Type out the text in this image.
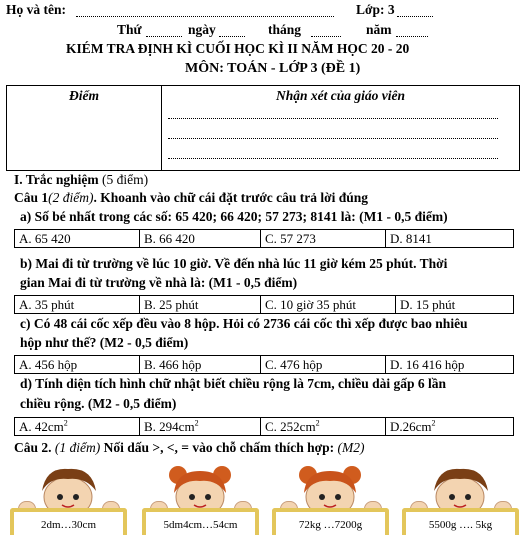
Họ và tên:	Lớp: 3
Thứ	ngày	tháng	năm
KIÉM TRA ĐỊNH KÌ CUỐI HỌC KÌ II NĂM HỌC 20 - 20
MÔN: TOÁN - LỚP 3 (ĐỀ 1)
Điểm	Nhận xét của giáo viên
I. Trắc nghiệm (5 điểm)
Câu 1(2 điểm). Khoanh vào chữ cái đặt trước câu trả lời đúng
a) Số bé nhất trong các số: 65 420; 66 420; 57 273; 8141 là: (M1 - 0,5 điểm)
A. 65 420	B. 66 420	C. 57 273	D. 8141
b) Mai đi từ trường về lúc 10 giờ. Về đến nhà lúc 11 giờ kém 25 phút. Thời
gian Mai đi từ trường về nhà là: (M1 - 0,5 điểm)
A. 35 phút	B. 25 phút	C. 10 giờ 35 phút	D. 15 phút
c) Có 48 cái cốc xếp đều vào 8 hộp. Hỏi có 2736 cái cốc thì xếp được bao nhiêu
hộp như thế? (M2 - 0,5 điểm)
A. 456 hộp	B. 466 hộp	C. 476 hộp	D. 16 416 hộp
d) Tính diện tích hình chữ nhật biết chiều rộng là 7cm, chiều dài gấp 6 lần
chiều rộng. (M2 - 0,5 điểm)
A. $42cm^2$	B. $294cm^2$	C. $252cm^2$	$D.26cm^2$
Câu 2. (1 điểm) Nối dấu >, <, = vào chỗ chấm thích hợp: (M2)
2dm…30cm	5dm4cm…54cm	72kg …7200g	5500g …. 5kg
